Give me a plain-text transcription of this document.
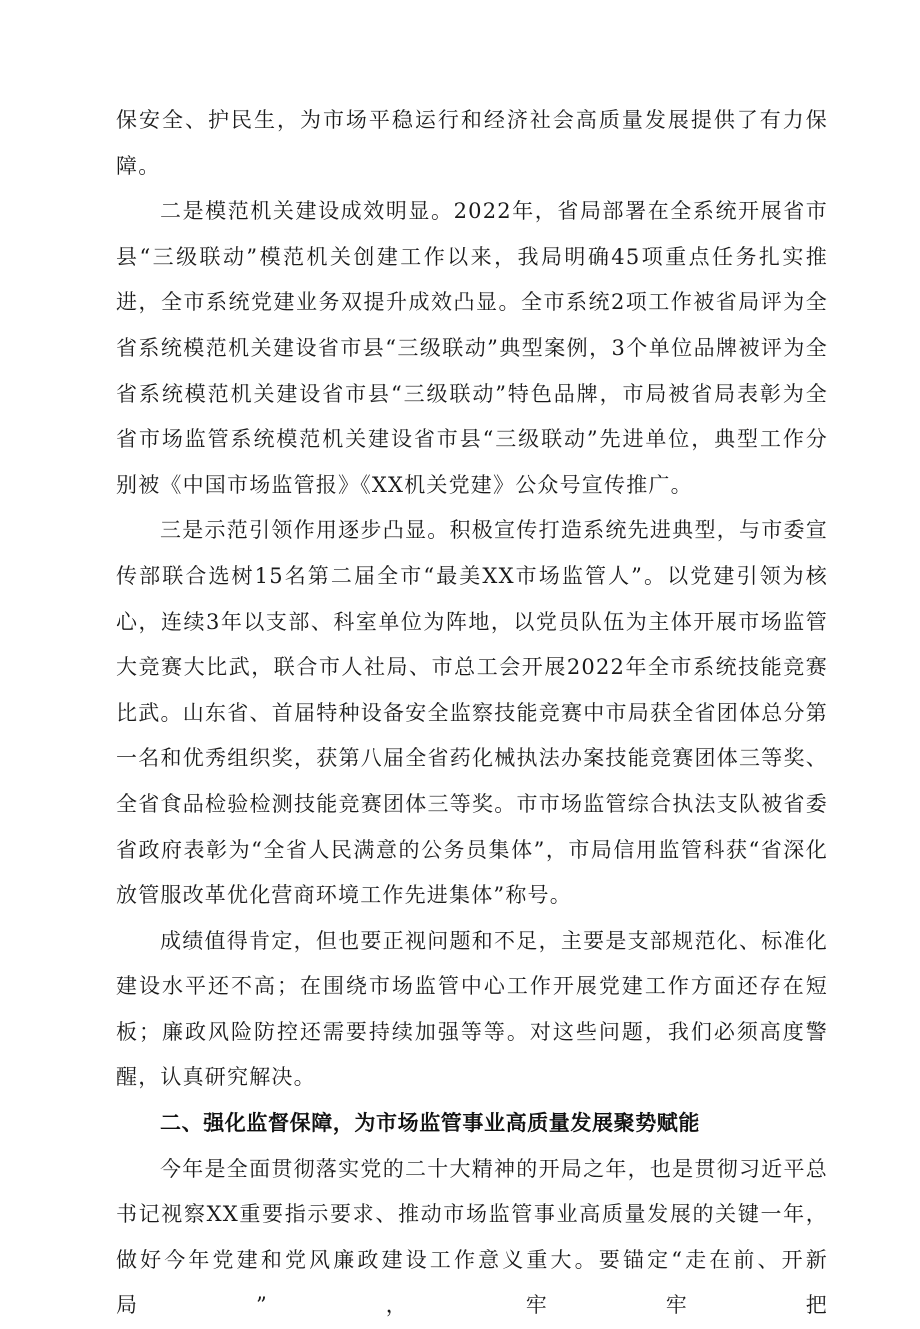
保安全、护民生，为市场平稳运行和经济社会高质量发展提供了有力保障。

二是模范机关建设成效明显。2022年，省局部署在全系统开展省市县“三级联动”模范机关创建工作以来，我局明确45项重点任务扎实推进，全市系统党建业务双提升成效凸显。全市系统2项工作被省局评为全省系统模范机关建设省市县“三级联动”典型案例，3个单位品牌被评为全省系统模范机关建设省市县“三级联动”特色品牌，市局被省局表彰为全省市场监管系统模范机关建设省市县“三级联动”先进单位，典型工作分别被《中国市场监管报》《XX机关党建》公众号宣传推广。

三是示范引领作用逐步凸显。积极宣传打造系统先进典型，与市委宣传部联合选树15名第二届全市“最美XX市场监管人”。以党建引领为核心，连续3年以支部、科室单位为阵地，以党员队伍为主体开展市场监管大竞赛大比武，联合市人社局、市总工会开展2022年全市系统技能竞赛比武。山东省、首届特种设备安全监察技能竞赛中市局获全省团体总分第一名和优秀组织奖，获第八届全省药化械执法办案技能竞赛团体三等奖、全省食品检验检测技能竞赛团体三等奖。市市场监管综合执法支队被省委省政府表彰为“全省人民满意的公务员集体”，市局信用监管科获“省深化放管服改革优化营商环境工作先进集体”称号。

成绩值得肯定，但也要正视问题和不足，主要是支部规范化、标准化建设水平还不高；在围绕市场监管中心工作开展党建工作方面还存在短板；廉政风险防控还需要持续加强等等。对这些问题，我们必须高度警醒，认真研究解决。

二、强化监督保障，为市场监管事业高质量发展聚势赋能

今年是全面贯彻落实党的二十大精神的开局之年，也是贯彻习近平总书记视察XX重要指示要求、推动市场监管事业高质量发展的关键一年，做好今年党建和党风廉政建设工作意义重大。要锚定“走在前、开新局”，牢牢把
